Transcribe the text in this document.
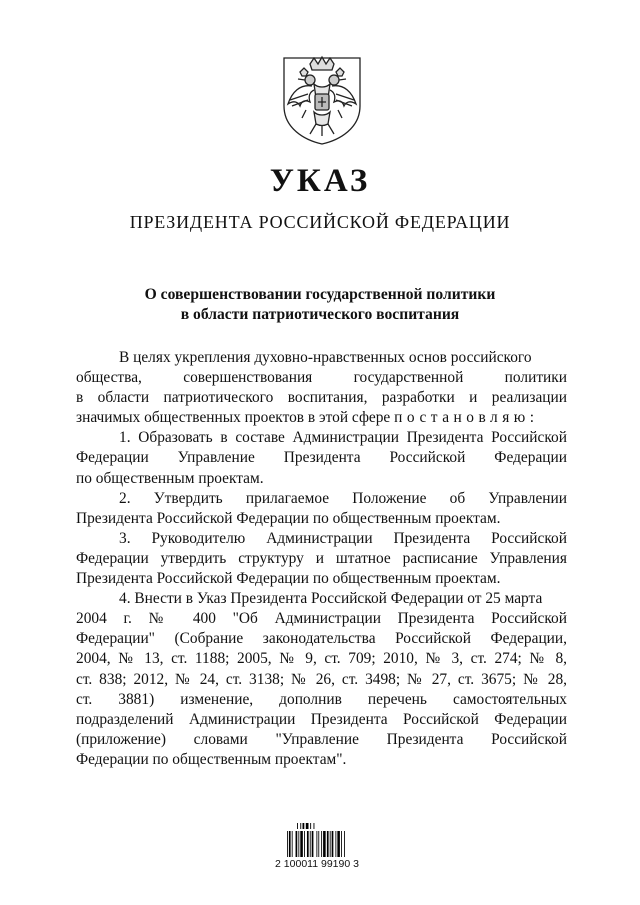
УКАЗ
ПРЕЗИДЕНТА РОССИЙСКОЙ ФЕДЕРАЦИИ
О совершенствовании государственной политики
в области патриотического воспитания
В целях укрепления духовно-нравственных основ российского
общества, совершенствования государственной политики
в области патриотического воспитания, разработки и реализации
значимых общественных проектов в этой сфере постановляю:
1. Образовать в составе Администрации Президента Российской
Федерации Управление Президента Российской Федерации
по общественным проектам.
2. Утвердить прилагаемое Положение об Управлении
Президента Российской Федерации по общественным проектам.
3. Руководителю Администрации Президента Российской
Федерации утвердить структуру и штатное расписание Управления
Президента Российской Федерации по общественным проектам.
4. Внести в Указ Президента Российской Федерации от 25 марта
2004 г. № 400 "Об Администрации Президента Российской
Федерации" (Собрание законодательства Российской Федерации,
2004, № 13, ст. 1188; 2005, № 9, ст. 709; 2010, № 3, ст. 274; № 8,
ст. 838; 2012, № 24, ст. 3138; № 26, ст. 3498; № 27, ст. 3675; № 28,
ст. 3881) изменение, дополнив перечень самостоятельных
подразделений Администрации Президента Российской Федерации
(приложение) словами "Управление Президента Российской
Федерации по общественным проектам".
2 100011 99190 3
